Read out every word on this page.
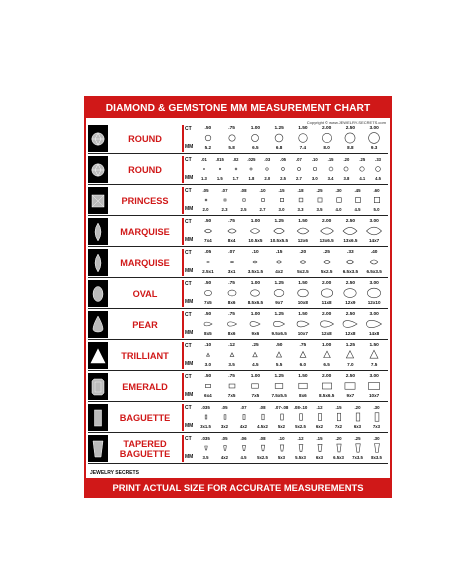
DIAMOND & GEMSTONE MM MEASUREMENT CHART
Copyright © www.JEWELRY-SECRETS.com
ROUND
CT
MM
.50
5.2
.75
5.8
1.00
6.5
1.25
6.8
1.50
7.4
2.00
8.0
2.50
8.8
3.00
9.3
ROUND
CT
MM
.01
1.3
.015
1.5
.02
1.7
.025
1.8
.03
2.0
.05
2.5
.07
2.7
.10
3.0
.15
3.4
.20
3.8
.25
4.1
.33
4.5
PRINCESS
CT
MM
.05
2.0
.07
2.3
.08
2.5
.10
2.7
.15
3.0
.18
3.3
.25
3.5
.30
4.0
.45
4.5
.60
5.0
MARQUISE
CT
MM
.50
7x4
.75
8x4
1.00
10.5x5
1.25
10.5x5.5
1.50
12x6
2.00
13x6.5
2.50
13x6.5
3.00
14x7
MARQUISE
CT
MM
.05
2.5x1
.07
3x1
.10
3.5x1.5
.15
4x2
.20
5x2.5
.25
5x2.5
.33
6.5x3.5
.40
6.5x3.5
OVAL
CT
MM
.50
7x5
.75
8x6
1.00
8.5x6.5
1.25
9x7
1.50
10x8
2.00
11x8
2.50
12x9
3.00
12x10
PEAR
CT
MM
.50
8x5
.75
8x6
1.00
9x6
1.25
9.5x6.5
1.50
10x7
2.00
12x8
2.50
12x8
3.00
14x8
TRILLIANT
CT
MM
.10
3.0
.12
3.5
.25
4.5
.50
5.5
.75
6.0
1.00
6.5
1.25
7.0
1.50
7.5
EMERALD
CT
MM
.50
6x4
.75
7x5
1.00
7x5
1.25
7.5x5.5
1.50
8x6
2.00
8.5x6.5
2.50
9x7
3.00
10x7
BAGUETTE
CT
MM
.035
3x1.5
.05
3x2
.07
4x2
.08
4.5x2
.07-.08
5x2
.08-.10
5x2.5
.12
6x2
.15
7x2
.20
6x3
.30
7x3
TAPERED
BAGUETTE
CT
MM
.035
3.5
.05
4x2
.06
4.5
.08
5x2.5
.10
5x3
.12
5.5x3
.15
6x3
.20
6.5x3
.25
7x3.5
.30
8x3.5
JEWELRY SECRETS
PRINT ACTUAL SIZE FOR ACCURATE MEASUREMENTS
